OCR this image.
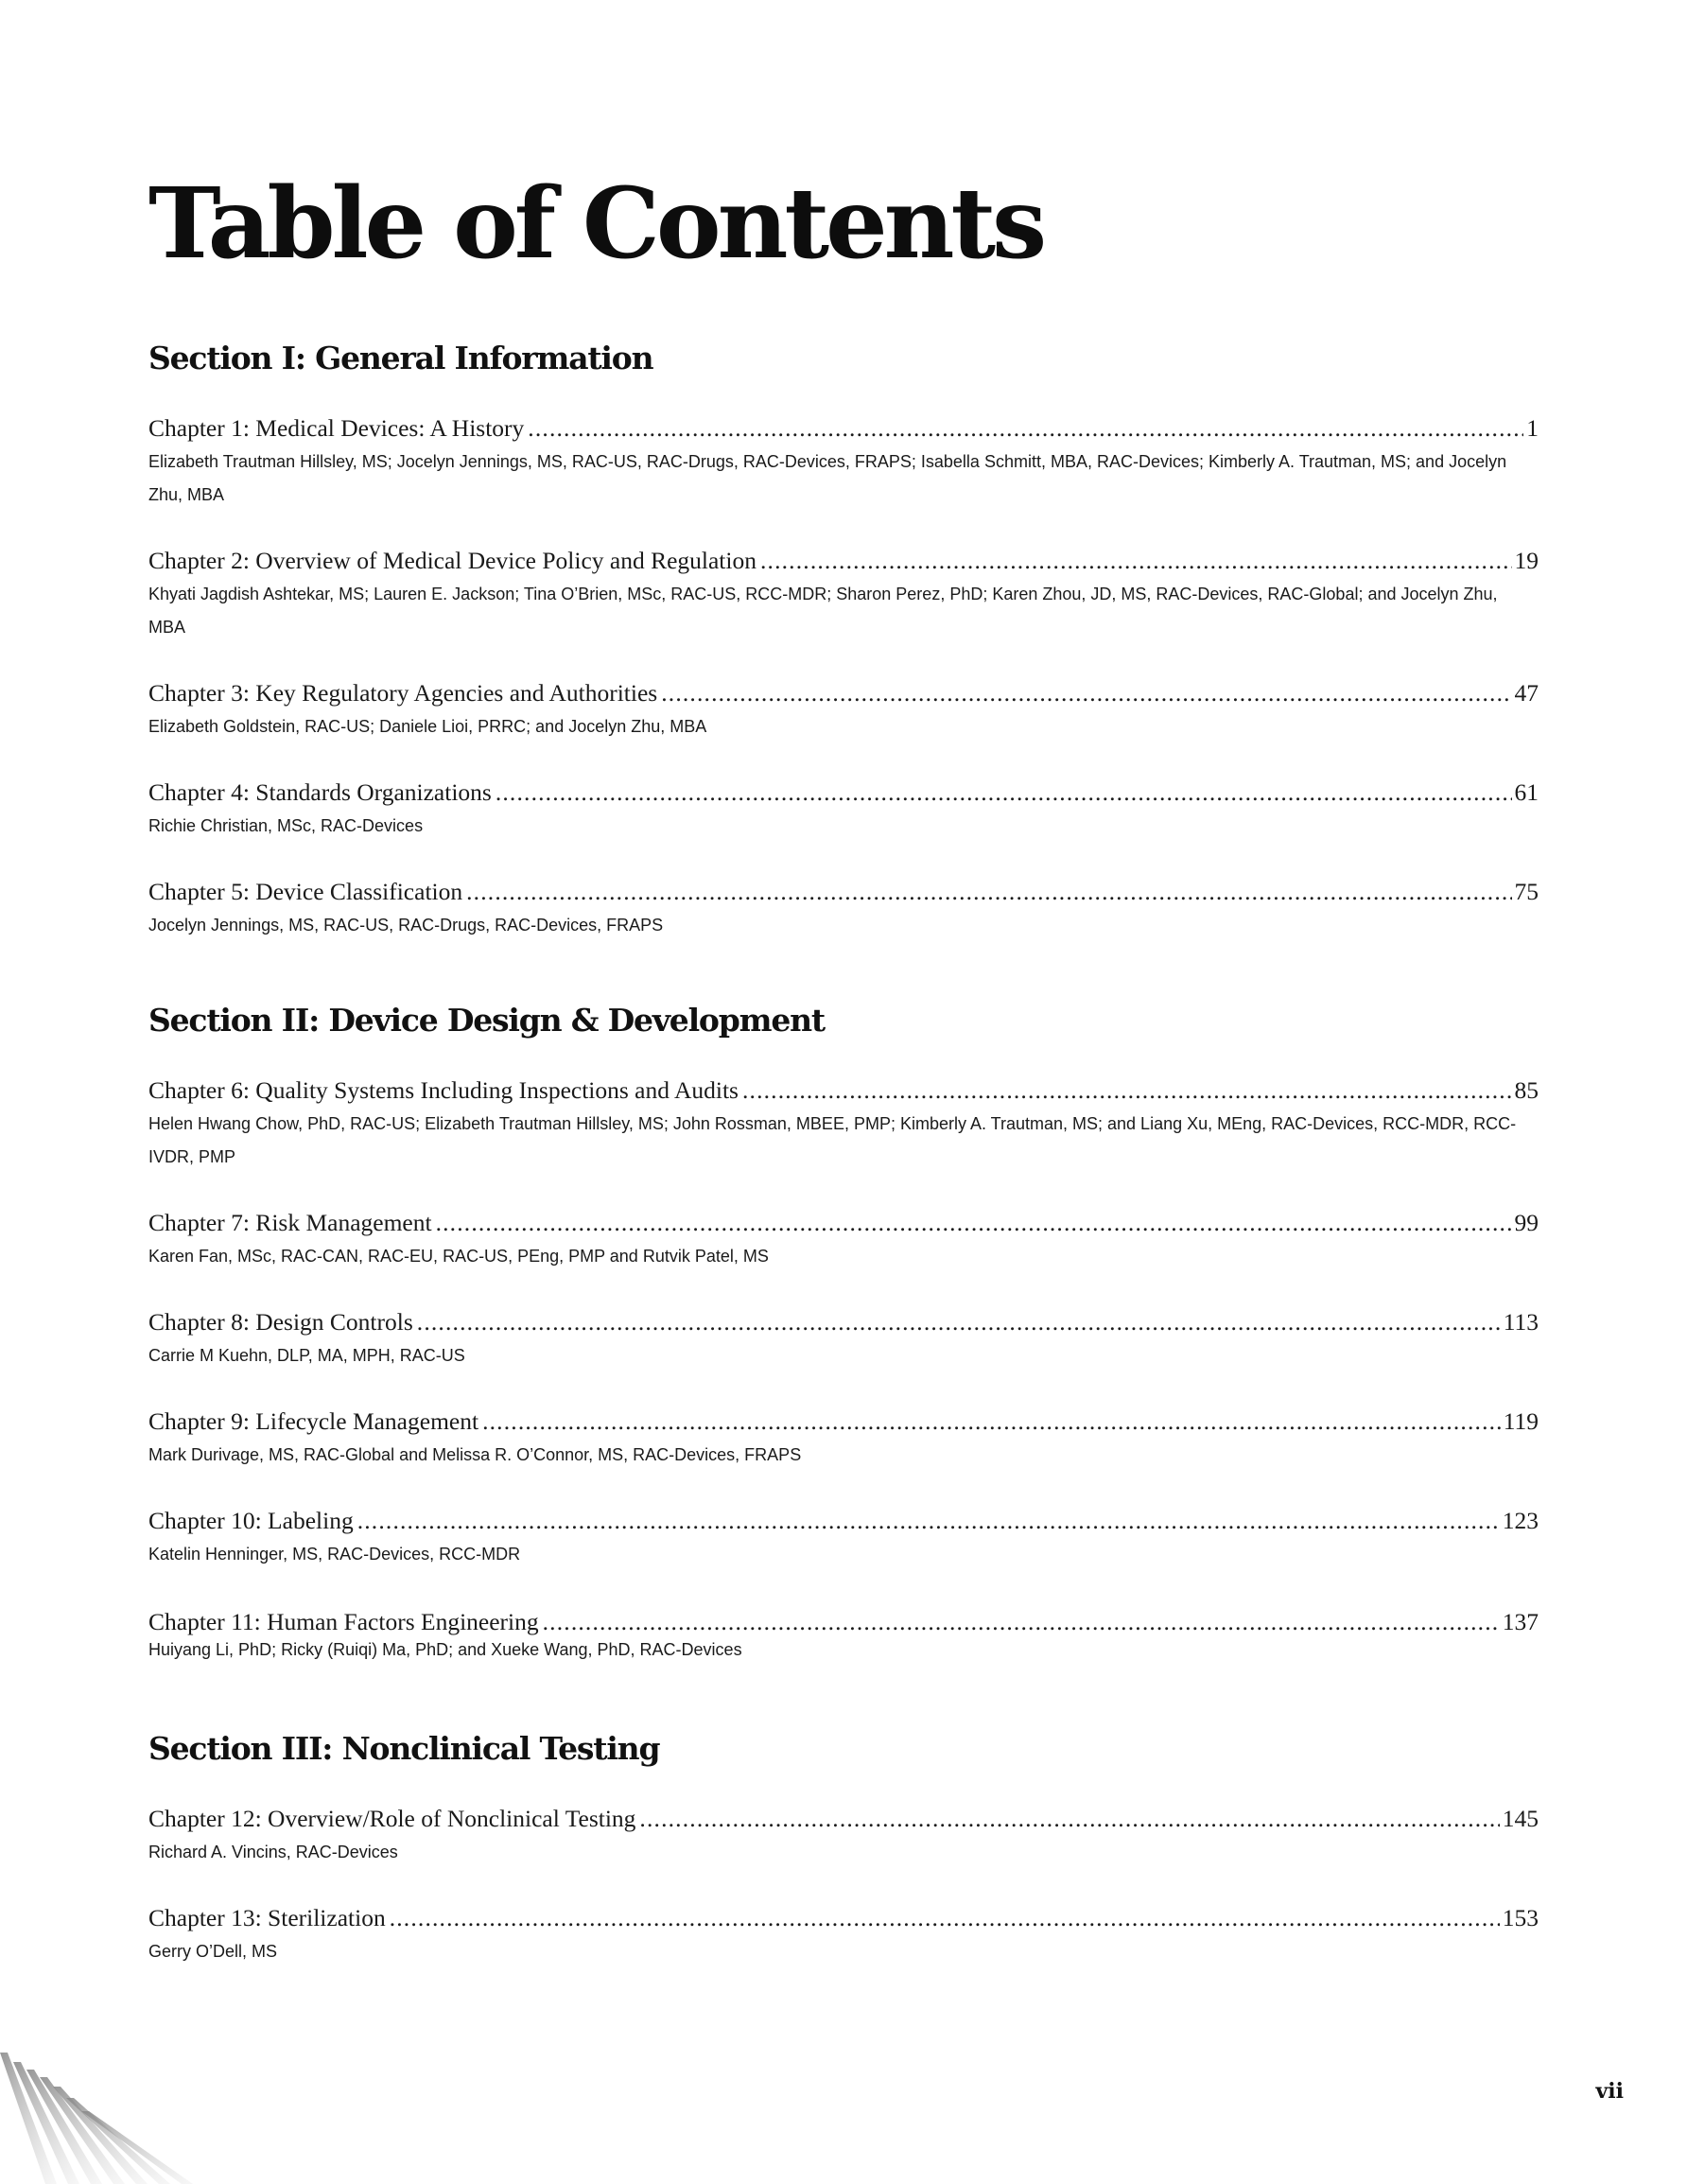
Table of Contents
Section I: General Information
Chapter 1: Medical Devices: A History . . .	1
Elizabeth Trautman Hillsley, MS; Jocelyn Jennings, MS, RAC-US, RAC-Drugs, RAC-Devices, FRAPS; Isabella Schmitt, MBA, RAC-Devices; Kimberly A. Trautman, MS; and Jocelyn Zhu, MBA
Chapter 2: Overview of Medical Device Policy and Regulation . . .	19
Khyati Jagdish Ashtekar, MS; Lauren E. Jackson; Tina O’Brien, MSc, RAC-US, RCC-MDR; Sharon Perez, PhD; Karen Zhou, JD, MS, RAC-Devices, RAC-Global; and Jocelyn Zhu, MBA
Chapter 3: Key Regulatory Agencies and Authorities . . .	47
Elizabeth Goldstein, RAC-US; Daniele Lioi, PRRC; and Jocelyn Zhu, MBA
Chapter 4: Standards Organizations . . .	61
Richie Christian, MSc, RAC-Devices
Chapter 5: Device Classification . . .	75
Jocelyn Jennings, MS, RAC-US, RAC-Drugs, RAC-Devices, FRAPS
Section II: Device Design & Development
Chapter 6: Quality Systems Including Inspections and Audits . . .	85
Helen Hwang Chow, PhD, RAC-US; Elizabeth Trautman Hillsley, MS; John Rossman, MBEE, PMP; Kimberly A. Trautman, MS; and Liang Xu, MEng, RAC-Devices, RCC-MDR, RCC-IVDR, PMP
Chapter 7: Risk Management . . .	99
Karen Fan, MSc, RAC-CAN, RAC-EU, RAC-US, PEng, PMP and Rutvik Patel, MS
Chapter 8: Design Controls . . .	113
Carrie M Kuehn, DLP, MA, MPH, RAC-US
Chapter 9: Lifecycle Management . . .	119
Mark Durivage, MS, RAC-Global and Melissa R. O’Connor, MS, RAC-Devices, FRAPS
Chapter 10: Labeling . . .	123
Katelin Henninger, MS, RAC-Devices, RCC-MDR
Chapter 11: Human Factors Engineering . . .	137
Huiyang Li, PhD; Ricky (Ruiqi) Ma, PhD; and Xueke Wang, PhD, RAC-Devices
Section III: Nonclinical Testing
Chapter 12: Overview/Role of Nonclinical Testing . . .	145
Richard A. Vincins, RAC-Devices
Chapter 13: Sterilization . . .	153
Gerry O’Dell, MS
vii
